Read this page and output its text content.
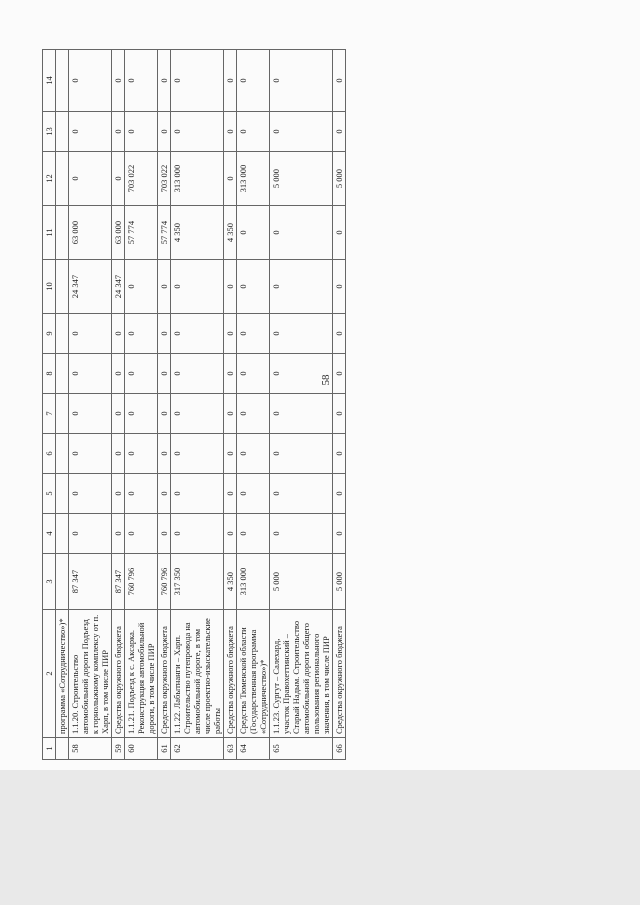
58
1	2	3	4	5	6	7	8	9	10	11	12	13	14
	программа «Сотрудничество»)*												
58	1.1.20. Строительство автомобильной дороги Подъезд к горнолыжному комплексу от п. Харп, в том числе ПИР	87 347	0	0	0	0	0	0	24 347	63 000	0	0	0
59	Средства окружного бюджета	87 347	0	0	0	0	0	0	24 347	63 000	0	0	0
60	1.1.21. Подъезд к с. Аксарка. Реконструкция автомобильной дороги, в том числе ПИР	760 796	0	0	0	0	0	0	0	57 774	703 022	0	0
61	Средства окружного бюджета	760 796	0	0	0	0	0	0	0	57 774	703 022	0	0
62	1.1.22. Лабытнанги – Харп. Строительство путепровода на автомобильной дороге, в том числе проектно-изыскательские работы	317 350	0	0	0	0	0	0	0	4 350	313 000	0	0
63	Средства окружного бюджета	4 350	0	0	0	0	0	0	0	4 350	0	0	0
64	Средства Тюменской области (Государственная программа «Сотрудничество»)*	313 000	0	0	0	0	0	0	0	0	313 000	0	0
65	1.1.23. Сургут – Салехард, участок Правохеттинский – Старый Надым. Строительство автомобильной дороги общего пользования регионального значения, в том числе ПИР	5 000	0	0	0	0	0	0	0	0	5 000	0	0
66	Средства окружного бюджета	5 000	0	0	0	0	0	0	0	0	5 000	0	0
